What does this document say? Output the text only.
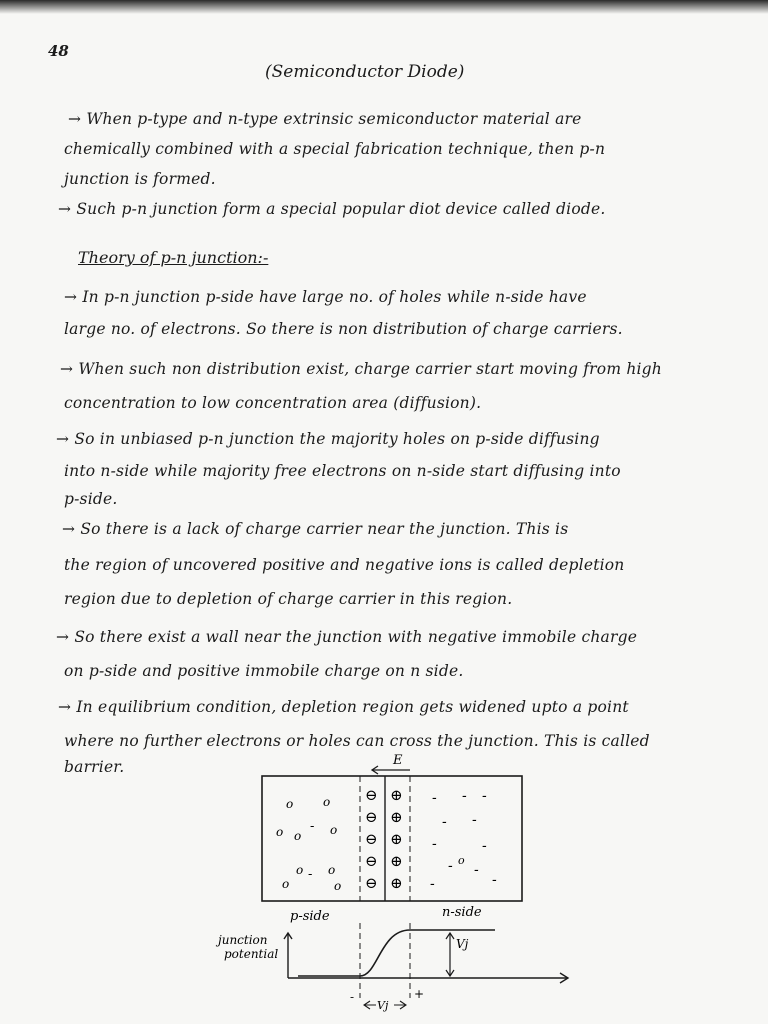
48
(Semiconductor Diode)
→ When p-type and n-type extrinsic semiconductor material are
chemically combined with a special fabrication technique, then p-n
junction is formed.
→ Such p-n junction form a special popular diot device called diode.
Theory of p-n junction:-
→ In p-n junction p-side have large no. of holes while n-side have
large no. of electrons. So there is non distribution of charge carriers.
→ When such non distribution exist, charge carrier start moving from high
concentration to low concentration area (diffusion).
→ So in unbiased p-n junction the majority holes on p-side diffusing
into n-side while majority free electrons on n-side start diffusing into
p-side.
→ So there is a lack of charge carrier near the junction. This is
the region of uncovered positive and negative ions is called depletion
region due to depletion of charge carrier in this region.
→ So there exist a wall near the junction with negative immobile charge
on p-side and positive immobile charge on n side.
→ In equilibrium condition, depletion region gets widened upto a point
where no further electrons or holes can cross the junction. This is called
barrier.	E
o o
o o o
o
o
o
o
-
-
⊖
⊖
⊖
⊖
⊖
⊕
⊕
⊕
⊕
⊕
- - -
- -
-	-
- -
-	-
o
p-side	n-side
junction
potential
Vj
Vj
-	+
